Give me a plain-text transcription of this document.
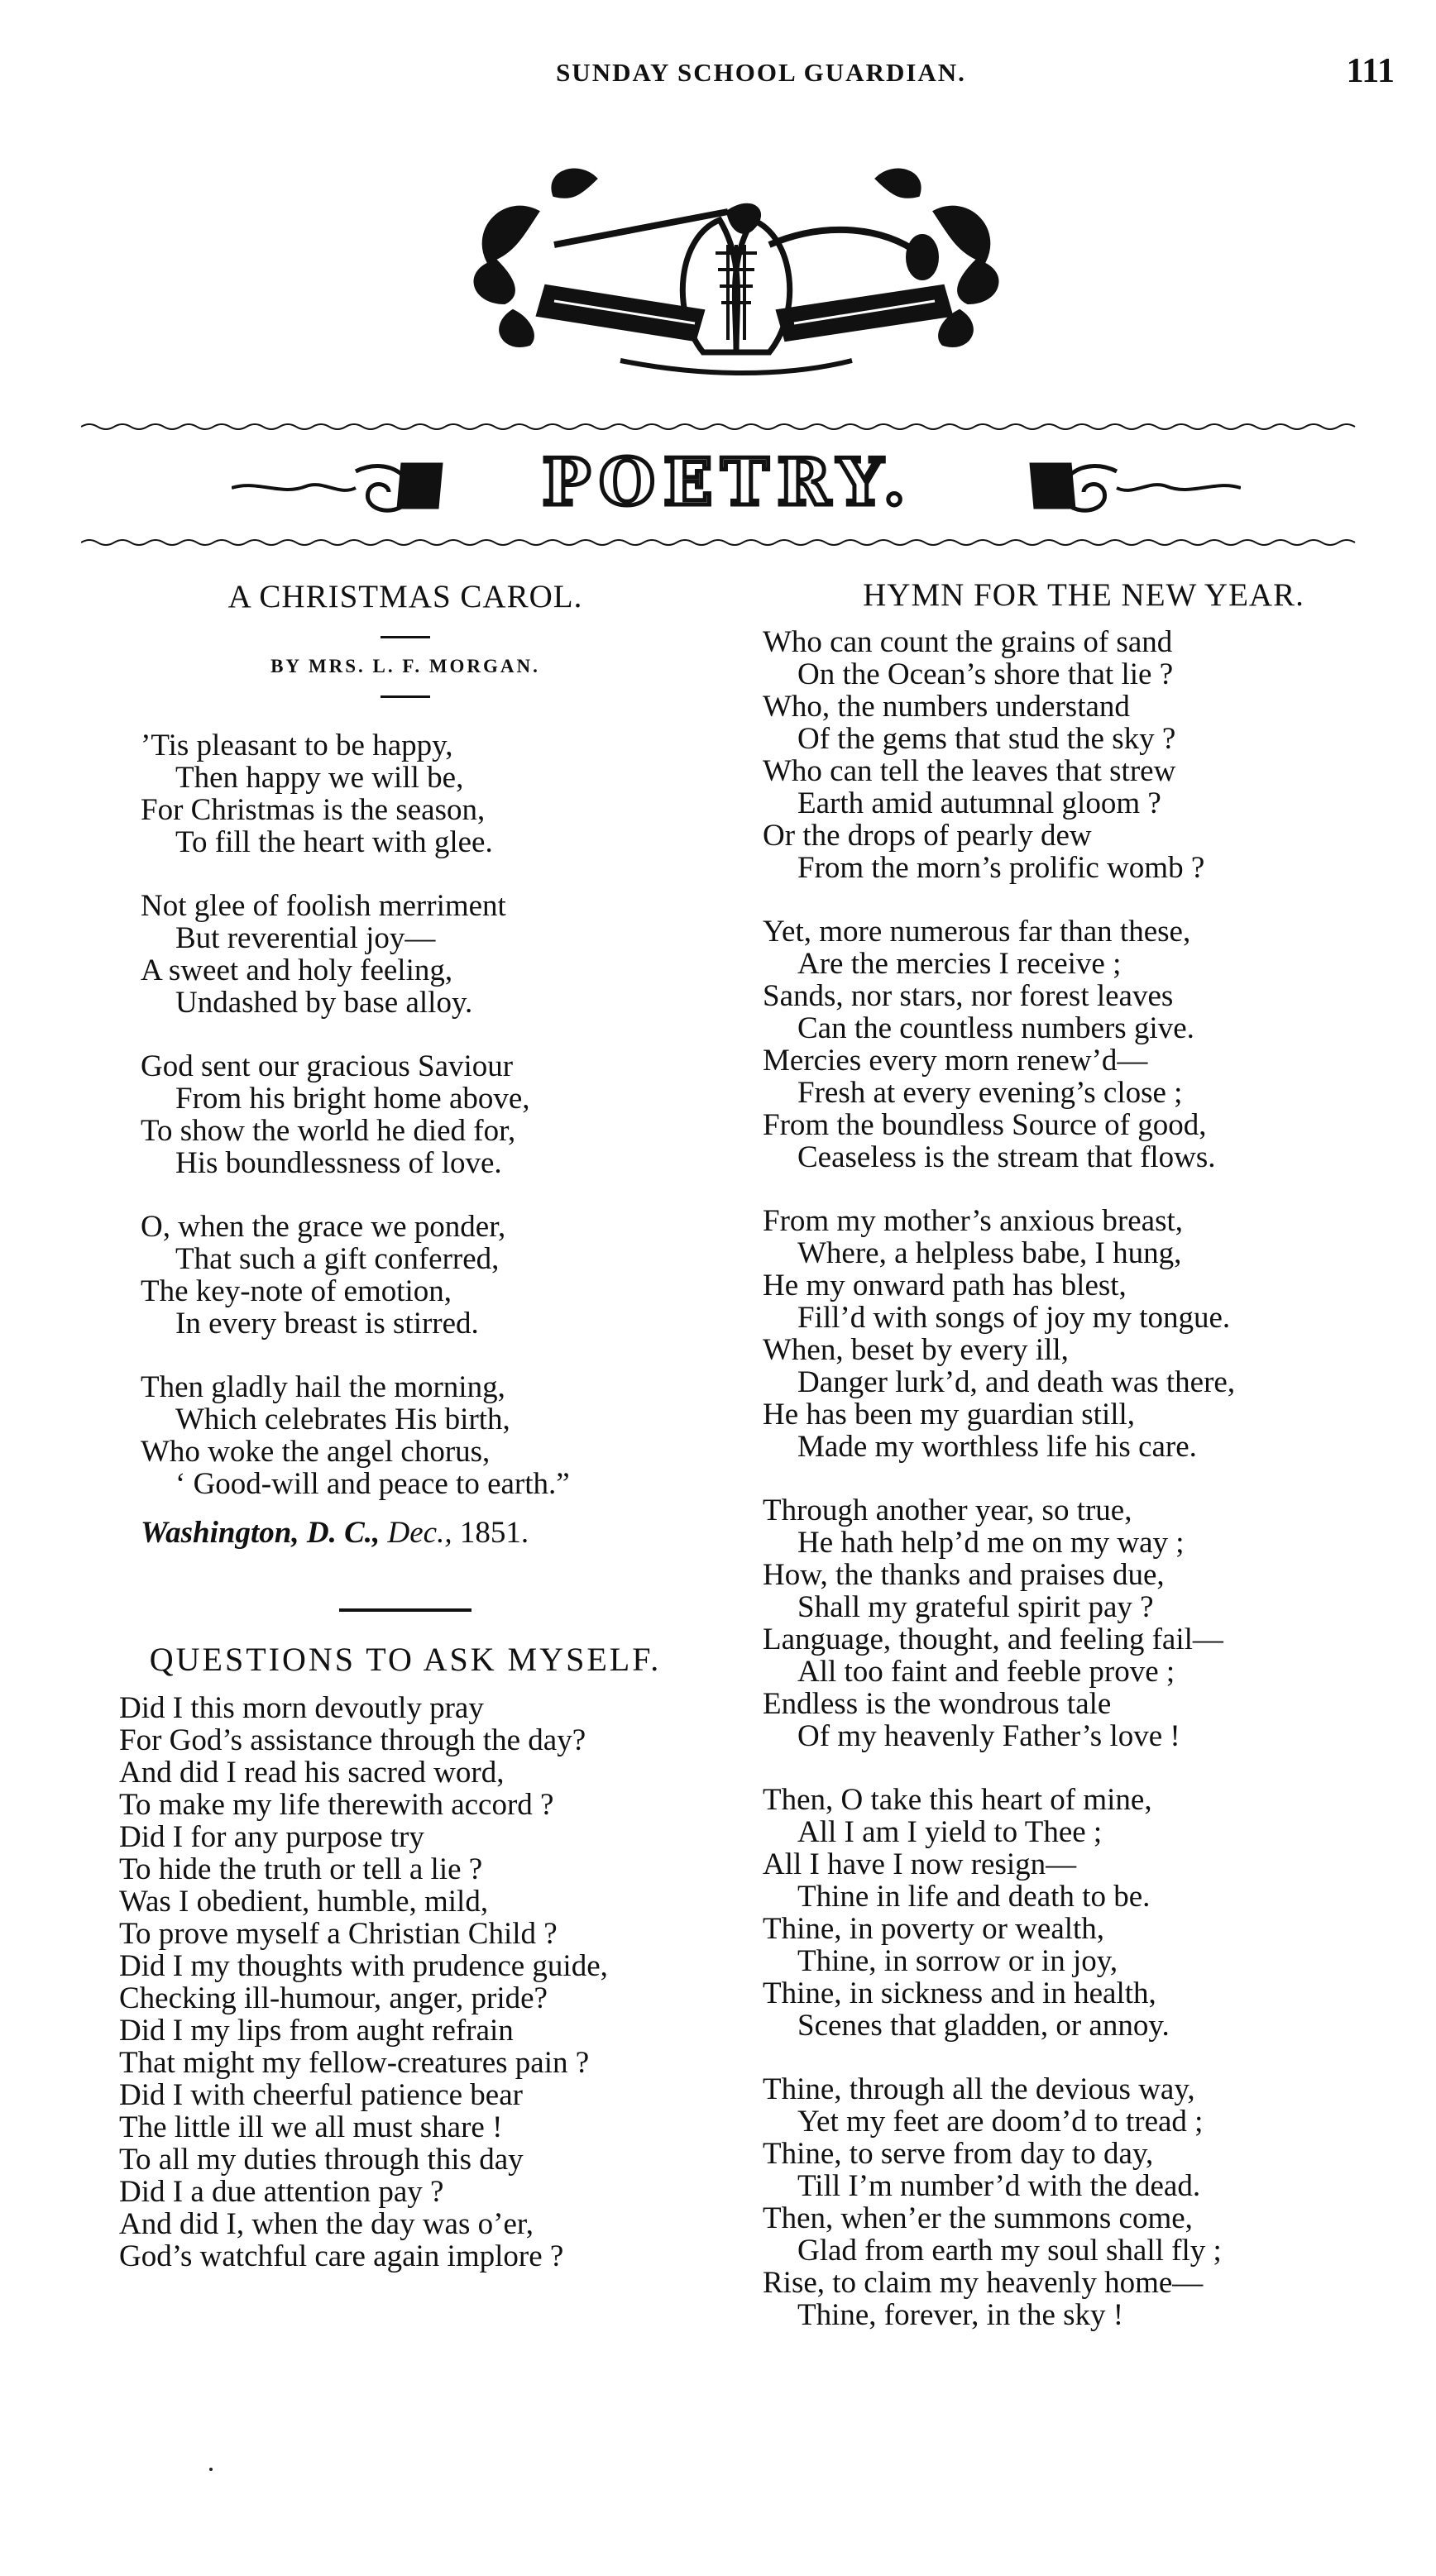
SUNDAY SCHOOL GUARDIAN.	111
POETRY.
A CHRISTMAS CAROL.
BY MRS. L. F. MORGAN.
’Tis pleasant to be happy,
Then happy we will be,
For Christmas is the season,
To fill the heart with glee.
Not glee of foolish merriment
But reverential joy—
A sweet and holy feeling,
Undashed by base alloy.
God sent our gracious Saviour
From his bright home above,
To show the world he died for,
His boundlessness of love.
O, when the grace we ponder,
That such a gift conferred,
The key-note of emotion,
In every breast is stirred.
Then gladly hail the morning,
Which celebrates His birth,
Who woke the angel chorus,
‘ Good-will and peace to earth.”
Washington, D. C., Dec., 1851.
QUESTIONS TO ASK MYSELF.
Did I this morn devoutly pray
For God’s assistance through the day?
And did I read his sacred word,
To make my life therewith accord ?
Did I for any purpose try
To hide the truth or tell a lie ?
Was I obedient, humble, mild,
To prove myself a Christian Child ?
Did I my thoughts with prudence guide,
Checking ill-humour, anger, pride?
Did I my lips from aught refrain
That might my fellow-creatures pain ?
Did I with cheerful patience bear
The little ill we all must share !
To all my duties through this day
Did I a due attention pay ?
And did I, when the day was o’er,
God’s watchful care again implore ?
HYMN FOR THE NEW YEAR.
Who can count the grains of sand
On the Ocean’s shore that lie ?
Who, the numbers understand
Of the gems that stud the sky ?
Who can tell the leaves that strew
Earth amid autumnal gloom ?
Or the drops of pearly dew
From the morn’s prolific womb ?
Yet, more numerous far than these,
Are the mercies I receive ;
Sands, nor stars, nor forest leaves
Can the countless numbers give.
Mercies every morn renew’d—
Fresh at every evening’s close ;
From the boundless Source of good,
Ceaseless is the stream that flows.
From my mother’s anxious breast,
Where, a helpless babe, I hung,
He my onward path has blest,
Fill’d with songs of joy my tongue.
When, beset by every ill,
Danger lurk’d, and death was there,
He has been my guardian still,
Made my worthless life his care.
Through another year, so true,
He hath help’d me on my way ;
How, the thanks and praises due,
Shall my grateful spirit pay ?
Language, thought, and feeling fail—
All too faint and feeble prove ;
Endless is the wondrous tale
Of my heavenly Father’s love !
Then, O take this heart of mine,
All I am I yield to Thee ;
All I have I now resign—
Thine in life and death to be.
Thine, in poverty or wealth,
Thine, in sorrow or in joy,
Thine, in sickness and in health,
Scenes that gladden, or annoy.
Thine, through all the devious way,
Yet my feet are doom’d to tread ;
Thine, to serve from day to day,
Till I’m number’d with the dead.
Then, when’er the summons come,
Glad from earth my soul shall fly ;
Rise, to claim my heavenly home—
Thine, forever, in the sky !
